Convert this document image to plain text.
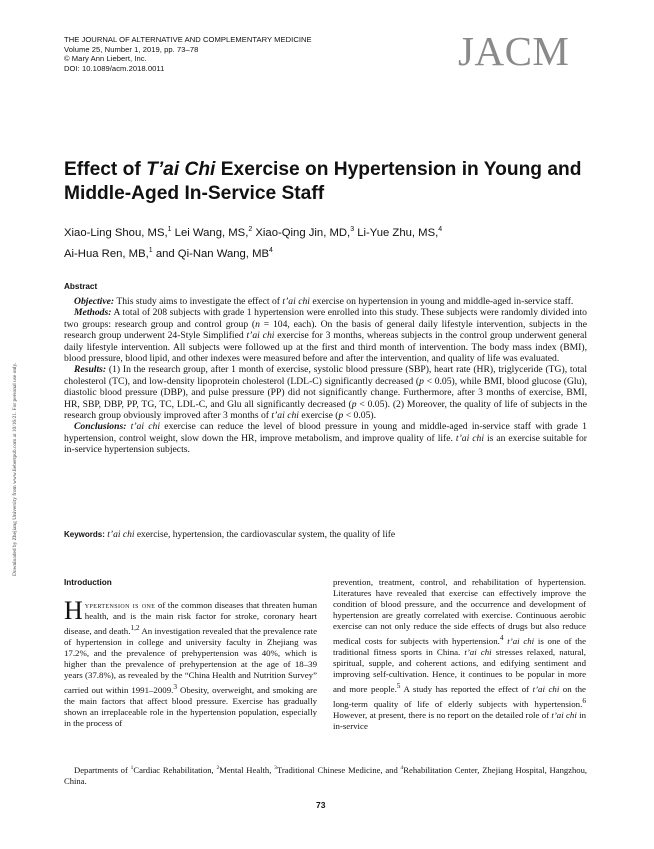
THE JOURNAL OF ALTERNATIVE AND COMPLEMENTARY MEDICINE
Volume 25, Number 1, 2019, pp. 73–78
© Mary Ann Liebert, Inc.
DOI: 10.1089/acm.2018.0011	JACM
Downloaded by Zhejiang University from www.liebertpub.com at 10/16/21. For personal use only.
Effect of T’ai Chi Exercise on Hypertension in Young and Middle-Aged In-Service Staff
Xiao-Ling Shou, MS,$^1$ Lei Wang, MS,$^2$ Xiao-Qing Jin, MD,$^3$ Li-Yue Zhu, MS,$^4$
Ai-Hua Ren, MB,$^1$ and Qi-Nan Wang, $MB^4$
Abstract

Objective: This study aims to investigate the effect of t’ai chi exercise on hypertension in young and middle-aged in-service staff.

Methods: A total of 208 subjects with grade 1 hypertension were enrolled into this study. These subjects were randomly divided into two groups: research group and control group (n = 104, each). On the basis of general daily lifestyle intervention, subjects in the research group underwent 24-Style Simplified t’ai chi exercise for 3 months, whereas subjects in the control group underwent general daily lifestyle intervention. All subjects were followed up at the first and third month of intervention. The body mass index (BMI), blood pressure, blood lipid, and other indexes were measured before and after the intervention, and quality of life was evaluated.

Results: (1) In the research group, after 1 month of exercise, systolic blood pressure (SBP), heart rate (HR), triglyceride (TG), total cholesterol (TC), and low-density lipoprotein cholesterol (LDL-C) significantly decreased (p < 0.05), while BMI, blood glucose (Glu), diastolic blood pressure (DBP), and pulse pressure (PP) did not significantly change. Furthermore, after 3 months of exercise, BMI, HR, SBP, DBP, PP, TG, TC, LDL-C, and Glu all significantly decreased (p < 0.05). (2) Moreover, the quality of life of subjects in the research group obviously improved after 3 months of t’ai chi exercise (p < 0.05).

Conclusions: t’ai chi exercise can reduce the level of blood pressure in young and middle-aged in-service staff with grade 1 hypertension, control weight, slow down the HR, improve metabolism, and improve quality of life. t’ai chi is an exercise suitable for in-service hypertension subjects.

Keywords: t’ai chi exercise, hypertension, the cardiovascular system, the quality of life
Introduction

Hypertension is one of the common diseases that threaten human health, and is the main risk factor for stroke, coronary heart disease, and death.$^{1,2}$ An investigation revealed that the prevalence rate of hypertension in college and university faculty in Zhejiang was 17.2%, and the prevalence of prehypertension was 40%, which is higher than the prevalence of prehypertension at the age of 18–39 years (37.8%), as revealed by the “China Health and Nutrition Survey” carried out within 1991–2009.$^3$ Obesity, overweight, and smoking are the main factors that affect blood pressure. Exercise has gradually shown an irreplaceable role in the hypertension population, especially in the process of

prevention, treatment, control, and rehabilitation of hypertension. Literatures have revealed that exercise can effectively improve the condition of blood pressure, and the occurrence and development of hypertension are greatly correlated with exercise. Continuous aerobic exercise can not only reduce the side effects of drugs but also reduce medical costs for subjects with hypertension.$^4$ t’ai chi is one of the traditional fitness sports in China. t’ai chi stresses relaxed, natural, spiritual, supple, and coherent actions, and edifying sentiment and improving self-cultivation. Hence, it continues to be popular in more and more people.$^5$ A study has reported the effect of t’ai chi on the long-term quality of life of elderly subjects with hypertension.$^6$ However, at present, there is no report on the detailed role of t’ai chi in in-service

Departments of $^1$Cardiac Rehabilitation, $^2$Mental Health, $^3$Traditional Chinese Medicine, and $^4$Rehabilitation Center, Zhejiang Hospital, Hangzhou, China.
73
